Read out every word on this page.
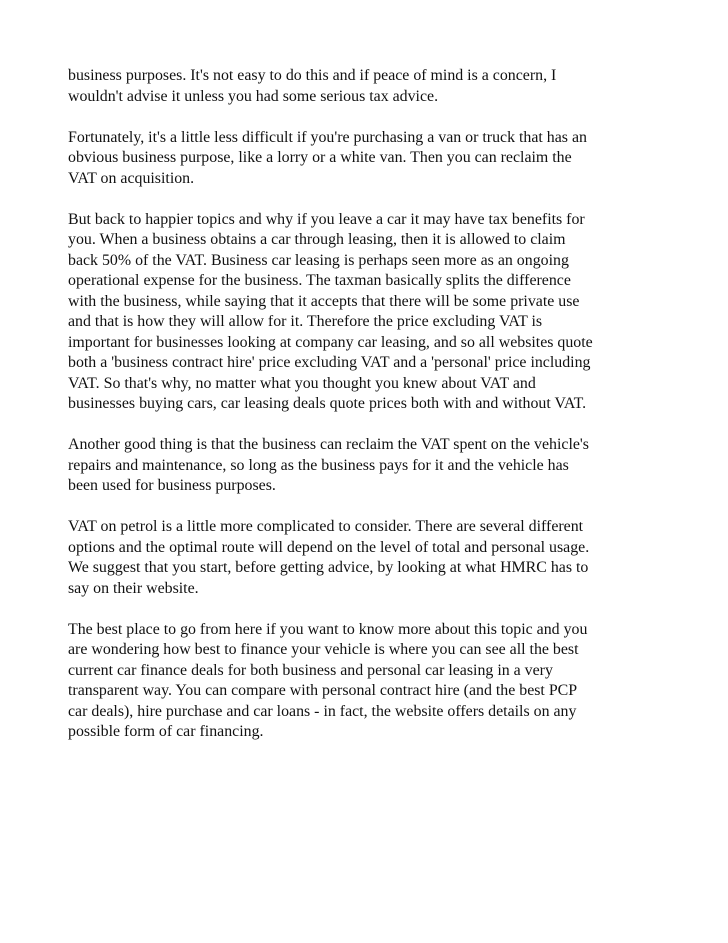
business purposes. It's not easy to do this and if peace of mind is a concern, I
wouldn't advise it unless you had some serious tax advice.

Fortunately, it's a little less difficult if you're purchasing a van or truck that has an
obvious business purpose, like a lorry or a white van. Then you can reclaim the
VAT on acquisition.

But back to happier topics and why if you leave a car it may have tax benefits for
you. When a business obtains a car through leasing, then it is allowed to claim
back 50% of the VAT. Business car leasing is perhaps seen more as an ongoing
operational expense for the business. The taxman basically splits the difference
with the business, while saying that it accepts that there will be some private use
and that is how they will allow for it. Therefore the price excluding VAT is
important for businesses looking at company car leasing, and so all websites quote
both a 'business contract hire' price excluding VAT and a 'personal' price including
VAT. So that's why, no matter what you thought you knew about VAT and
businesses buying cars, car leasing deals quote prices both with and without VAT.

Another good thing is that the business can reclaim the VAT spent on the vehicle's
repairs and maintenance, so long as the business pays for it and the vehicle has
been used for business purposes.

VAT on petrol is a little more complicated to consider. There are several different
options and the optimal route will depend on the level of total and personal usage.
We suggest that you start, before getting advice, by looking at what HMRC has to
say on their website.

The best place to go from here if you want to know more about this topic and you
are wondering how best to finance your vehicle is where you can see all the best
current car finance deals for both business and personal car leasing in a very
transparent way. You can compare with personal contract hire (and the best PCP
car deals), hire purchase and car loans - in fact, the website offers details on any
possible form of car financing.
